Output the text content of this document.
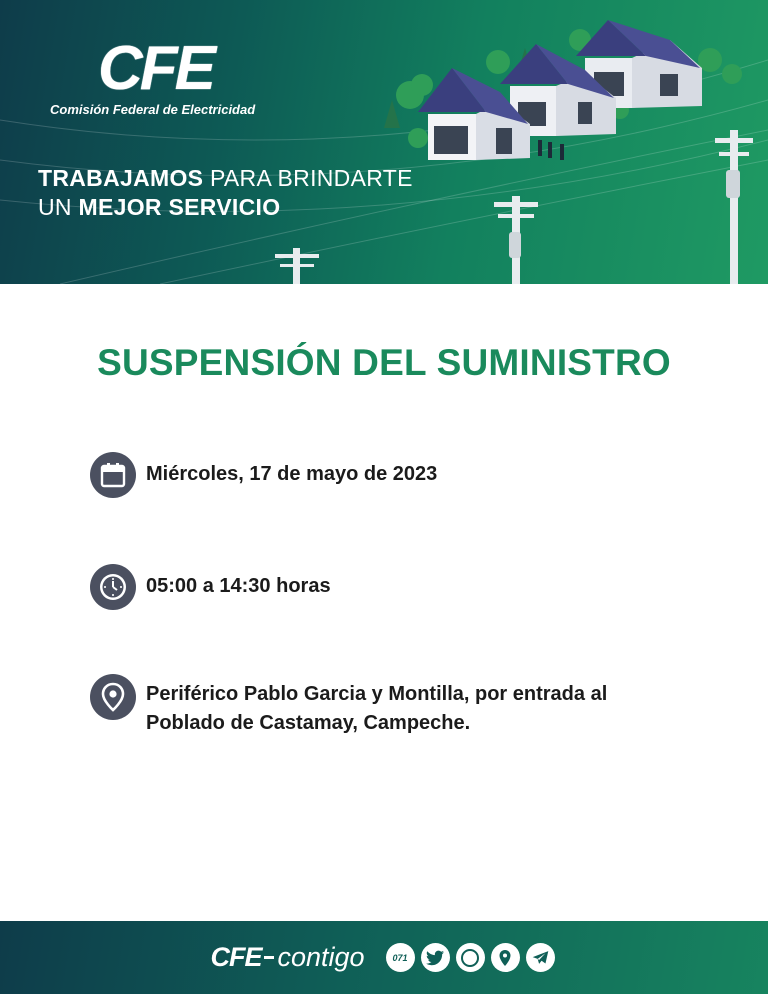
CFE
Comisión Federal de Electricidad
TRABAJAMOS PARA BRINDARTE
UN MEJOR SERVICIO
SUSPENSIÓN DEL SUMINISTRO
Miércoles, 17 de mayo de 2023
05:00 a 14:30 horas
Periférico Pablo Garcia y Montilla, por entrada al
Poblado de Castamay, Campeche.
CFE contigo	071
